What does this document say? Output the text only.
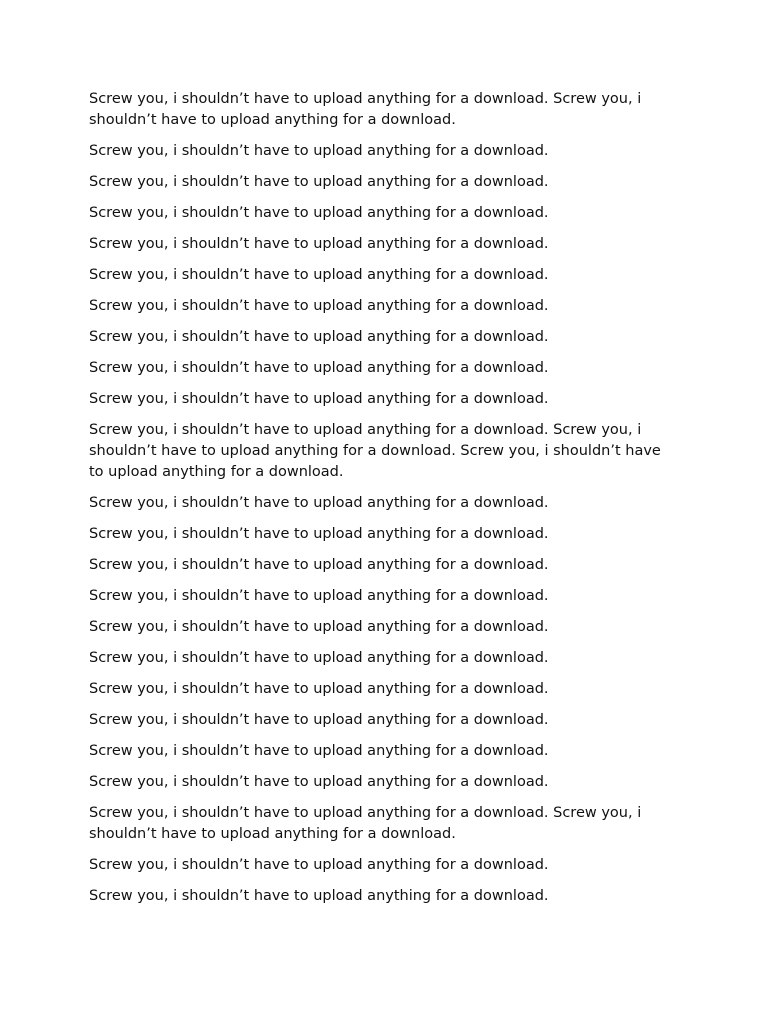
Screw you, i shouldn’t have to upload anything for a download. Screw you, i shouldn’t have to upload anything for a download.

Screw you, i shouldn’t have to upload anything for a download.

Screw you, i shouldn’t have to upload anything for a download.

Screw you, i shouldn’t have to upload anything for a download.

Screw you, i shouldn’t have to upload anything for a download.

Screw you, i shouldn’t have to upload anything for a download.

Screw you, i shouldn’t have to upload anything for a download.

Screw you, i shouldn’t have to upload anything for a download.

Screw you, i shouldn’t have to upload anything for a download.

Screw you, i shouldn’t have to upload anything for a download.

Screw you, i shouldn’t have to upload anything for a download. Screw you, i shouldn’t have to upload anything for a download. Screw you, i shouldn’t have to upload anything for a download.

Screw you, i shouldn’t have to upload anything for a download.

Screw you, i shouldn’t have to upload anything for a download.

Screw you, i shouldn’t have to upload anything for a download.

Screw you, i shouldn’t have to upload anything for a download.

Screw you, i shouldn’t have to upload anything for a download.

Screw you, i shouldn’t have to upload anything for a download.

Screw you, i shouldn’t have to upload anything for a download.

Screw you, i shouldn’t have to upload anything for a download.

Screw you, i shouldn’t have to upload anything for a download.

Screw you, i shouldn’t have to upload anything for a download.

Screw you, i shouldn’t have to upload anything for a download. Screw you, i shouldn’t have to upload anything for a download.

Screw you, i shouldn’t have to upload anything for a download.

Screw you, i shouldn’t have to upload anything for a download.
